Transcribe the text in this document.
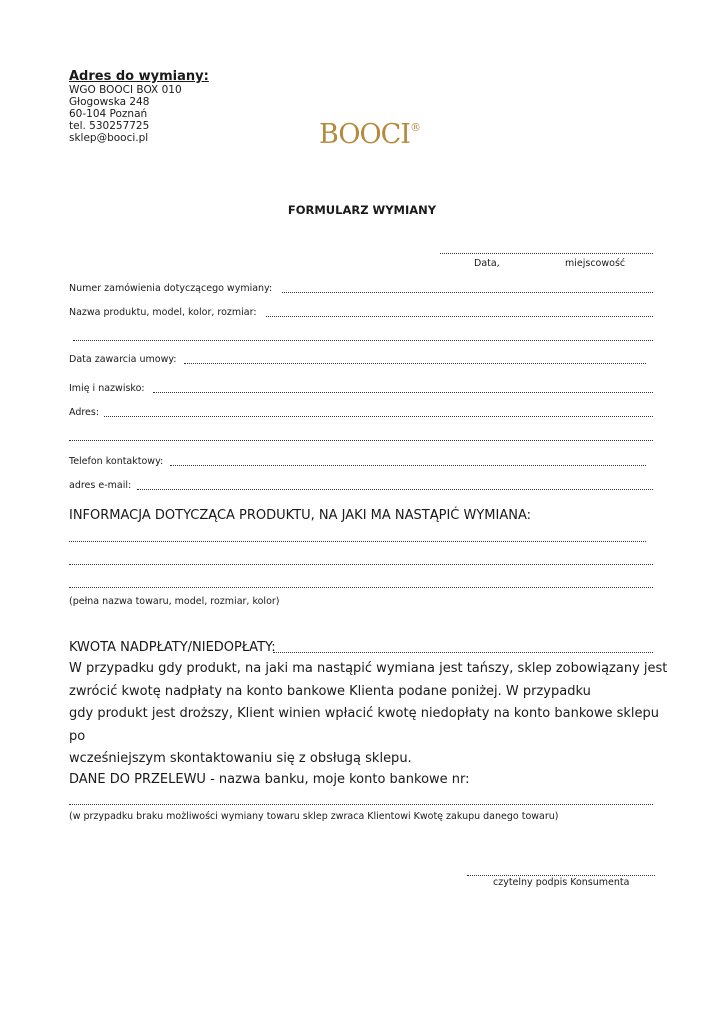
Adres do wymiany:
WGO BOOCI BOX 010
Głogowska 248
60-104 Poznań
tel. 530257725
sklep@booci.pl	BOOCI®
FORMULARZ WYMIANY
Data,	miejscowość
Numer zamówienia dotyczącego wymiany:
Nazwa produktu, model, kolor, rozmiar:
Data zawarcia umowy:
Imię i nazwisko:
Adres:
Telefon kontaktowy:
adres e-mail:
INFORMACJA DOTYCZĄCA PRODUKTU, NA JAKI MA NASTĄPIĆ WYMIANA:
(pełna nazwa towaru, model, rozmiar, kolor)
KWOTA NADPŁATY/NIEDOPŁATY:
W przypadku gdy produkt, na jaki ma nastąpić wymiana jest tańszy, sklep zobowiązany jest
zwrócić kwotę nadpłaty na konto bankowe Klienta podane poniżej. W przypadku
gdy produkt jest droższy, Klient winien wpłacić kwotę niedopłaty na konto bankowe sklepu po
wcześniejszym skontaktowaniu się z obsługą sklepu.
DANE DO PRZELEWU - nazwa banku, moje konto bankowe nr:
(w przypadku braku możliwości wymiany towaru sklep zwraca Klientowi Kwotę zakupu danego towaru)
czytelny podpis Konsumenta
